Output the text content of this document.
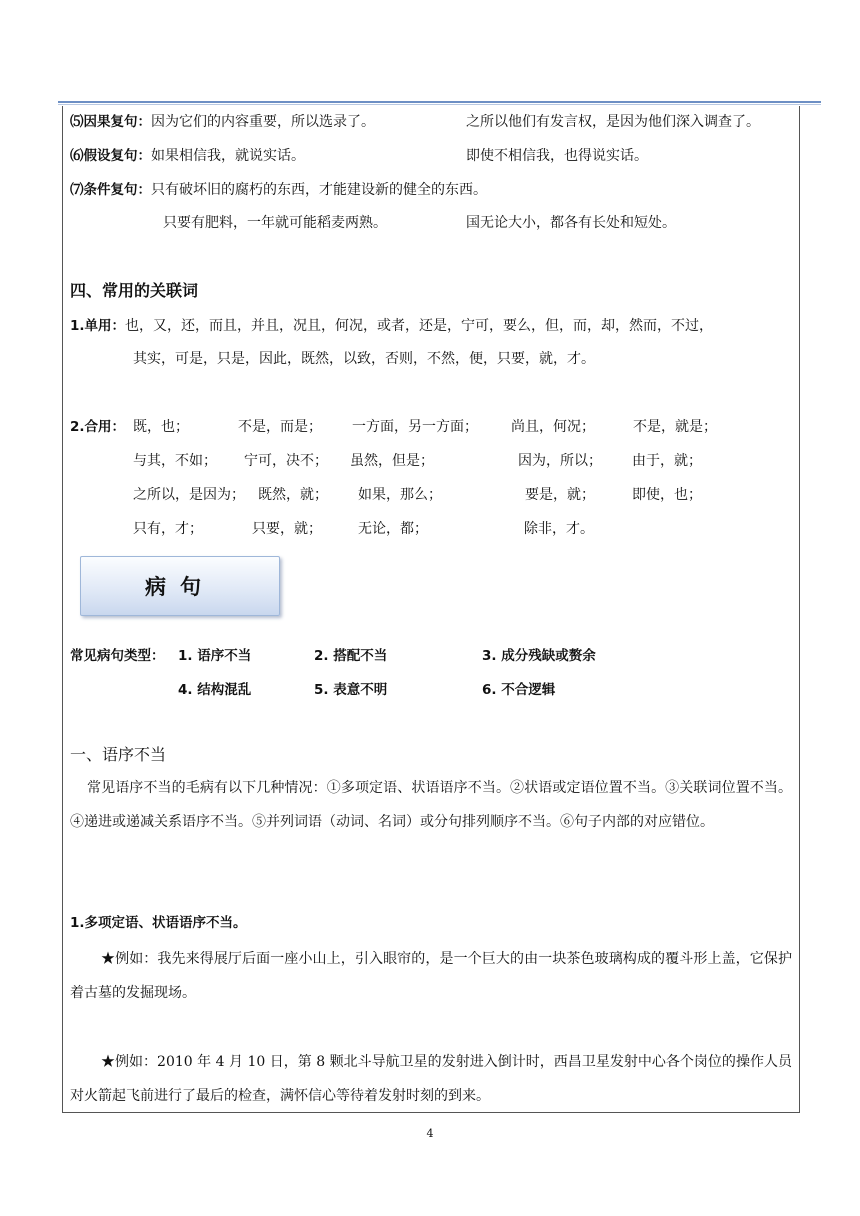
⑸因果复句：因为它们的内容重要，所以选录了。	之所以他们有发言权，是因为他们深入调查了。
⑹假设复句：如果相信我，就说实话。	即使不相信我，也得说实话。
⑺条件复句：只有破坏旧的腐朽的东西，才能建设新的健全的东西。
只要有肥料，一年就可能稻麦两熟。	国无论大小，都各有长处和短处。
四、常用的关联词
1.单用：也，又，还，而且，并且，况且，何况，或者，还是，宁可，要么，但，而，却，然而，不过，
其实，可是，只是，因此，既然，以致，否则，不然，便，只要，就，才。
2.合用： 既，也；	不是，而是； 一方面，另一方面； 尚且，何况；	不是，就是；
与其，不如； 宁可，决不； 虽然，但是；	因为，所以； 由于，就；
之所以，是因为； 既然，就； 如果，那么；	要是，就；	即使，也；
只有，才；	只要，就；	无论，都；	除非，才。
病句
常见病句类型： 1. 语序不当	2. 搭配不当	3. 成分残缺或赘余
4. 结构混乱	5. 表意不明	6. 不合逻辑
一、语序不当
常见语序不当的毛病有以下几种情况：①多项定语、状语语序不当。②状语或定语位置不当。③关联词位置不当。④递进或递减关系语序不当。⑤并列词语（动词、名词）或分句排列顺序不当。⑥句子内部的对应错位。
1.多项定语、状语语序不当。
★例如：我先来得展厅后面一座小山上，引入眼帘的，是一个巨大的由一块茶色玻璃构成的覆斗形上盖，它保护着古墓的发掘现场。
★例如：2010 年 4 月 10 日，第 8 颗北斗导航卫星的发射进入倒计时，西昌卫星发射中心各个岗位的操作人员对火箭起飞前进行了最后的检查，满怀信心等待着发射时刻的到来。
4
